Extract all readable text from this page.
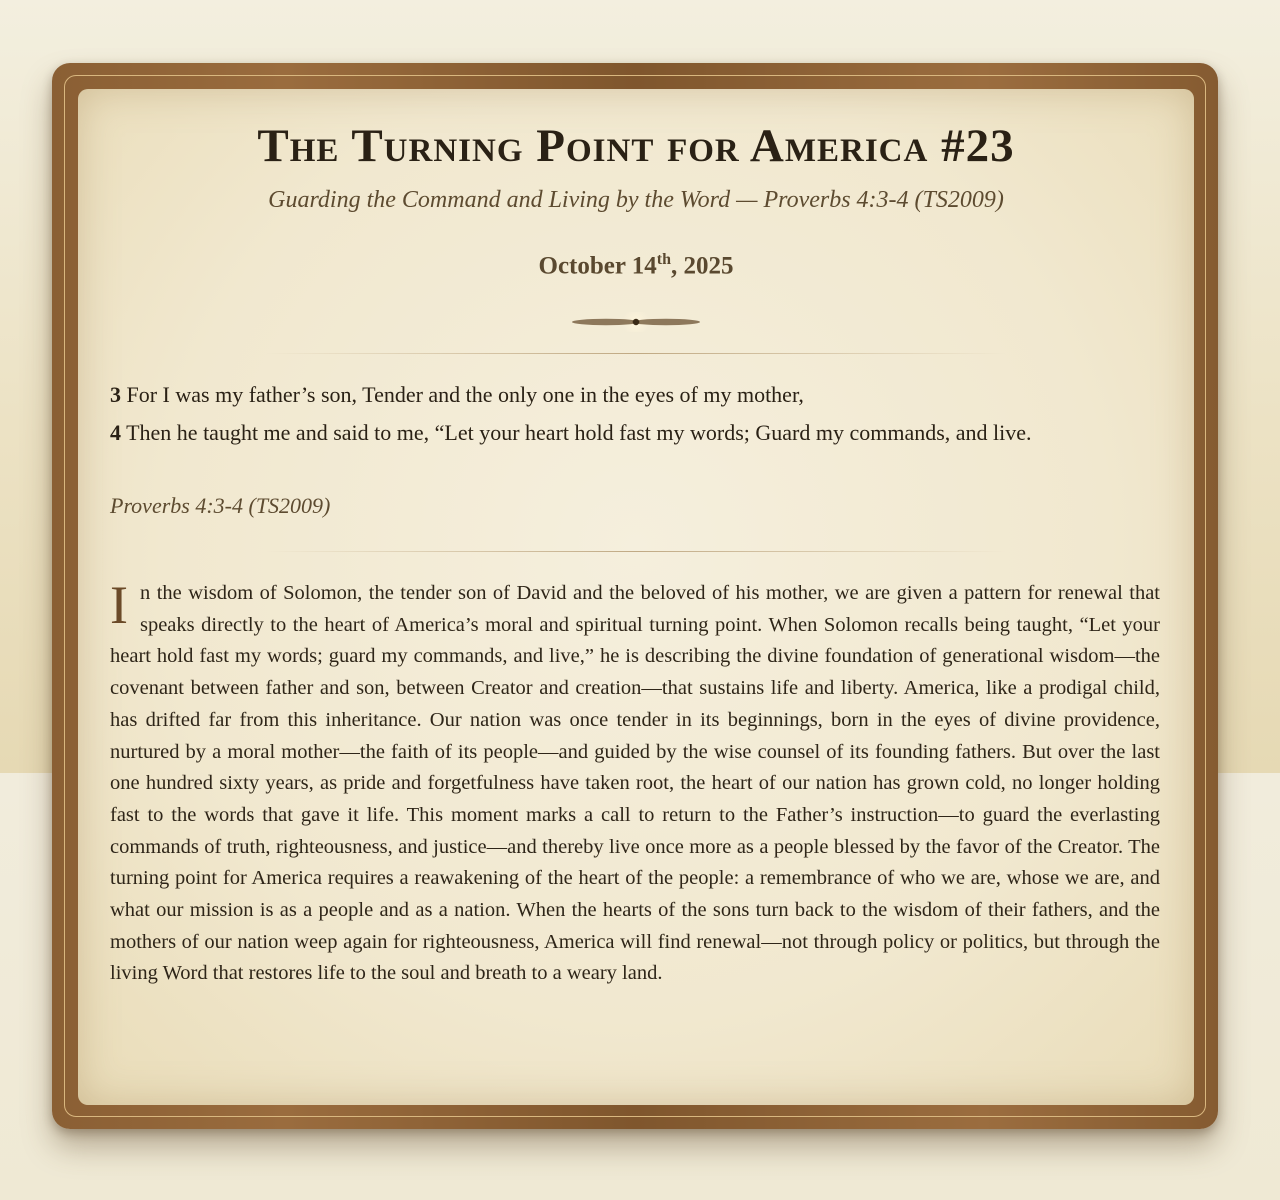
The Turning Point for America #23
Guarding the Command and Living by the Word — Proverbs 4:3-4 (TS2009)
October 14th, 2025
3 For I was my father’s son, Tender and the only one in the eyes of my mother,
4 Then he taught me and said to me, “Let your heart hold fast my words; Guard my commands, and live.
Proverbs 4:3-4 (TS2009)

In the wisdom of Solomon, the tender son of David and the beloved of his mother, we are given a pattern for renewal that speaks directly to the heart of America’s moral and spiritual turning point. When Solomon recalls being taught, “Let your heart hold fast my words; guard my commands, and live,” he is describing the divine foundation of generational wisdom—the covenant between father and son, between Creator and creation—that sustains life and liberty. America, like a prodigal child, has drifted far from this inheritance. Our nation was once tender in its beginnings, born in the eyes of divine providence, nurtured by a moral mother—the faith of its people—and guided by the wise counsel of its founding fathers. But over the last one hundred sixty years, as pride and forgetfulness have taken root, the heart of our nation has grown cold, no longer holding fast to the words that gave it life. This moment marks a call to return to the Father’s instruction—to guard the everlasting commands of truth, righteousness, and justice—and thereby live once more as a people blessed by the favor of the Creator. The turning point for America requires a reawakening of the heart of the people: a remembrance of who we are, whose we are, and what our mission is as a people and as a nation. When the hearts of the sons turn back to the wisdom of their fathers, and the mothers of our nation weep again for righteousness, America will find renewal—not through policy or politics, but through the living Word that restores life to the soul and breath to a weary land.
